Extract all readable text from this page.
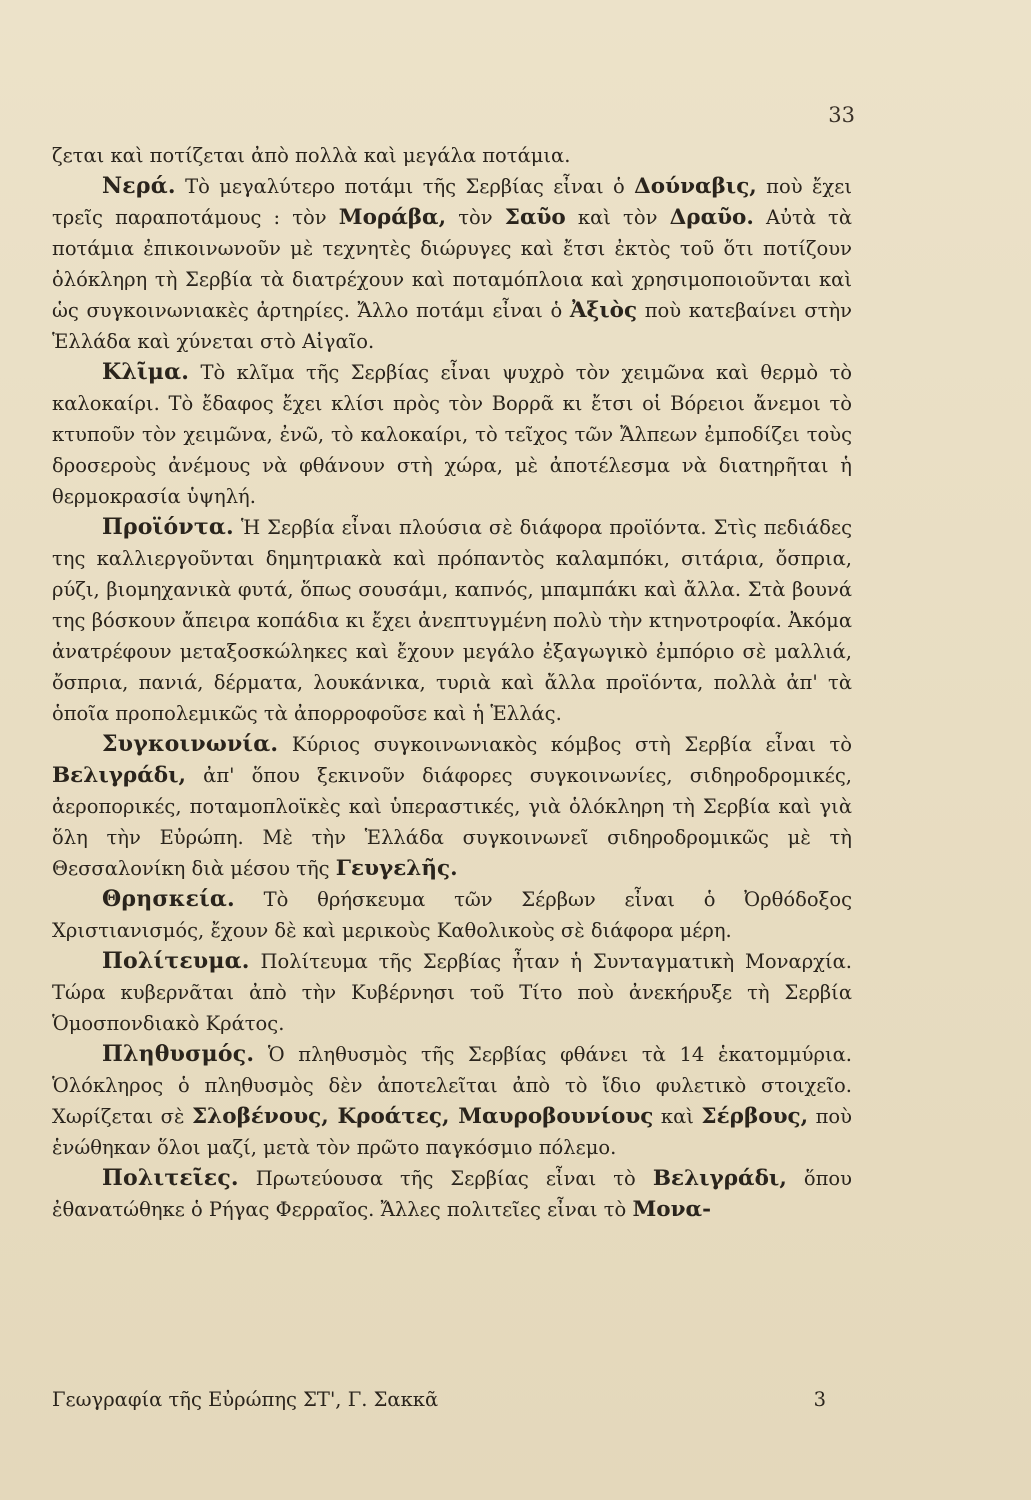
33

ζεται καὶ ποτίζεται ἀπὸ πολλὰ καὶ μεγάλα ποτάμια.

Νερά. Τὸ μεγαλύτερο ποτάμι τῆς Σερβίας εἶναι ὁ Δούναβις, ποὺ ἔχει τρεῖς παραποτάμους : τὸν Μοράβα, τὸν Σαῦο καὶ τὸν Δραῦο. Αὐτὰ τὰ ποτάμια ἐπικοινωνοῦν μὲ τεχνητὲς διώρυγες καὶ ἔτσι ἐκτὸς τοῦ ὅτι ποτίζουν ὁλόκληρη τὴ Σερβία τὰ διατρέχουν καὶ ποταμόπλοια καὶ χρησιμοποιοῦνται καὶ ὡς συγκοινωνιακὲς ἀρτηρίες. Ἄλλο ποτάμι εἶναι ὁ Ἀξιὸς ποὺ κατεβαίνει στὴν Ἑλλάδα καὶ χύνεται στὸ Αἰγαῖο.

Κλῖμα. Τὸ κλῖμα τῆς Σερβίας εἶναι ψυχρὸ τὸν χειμῶνα καὶ θερμὸ τὸ καλοκαίρι. Τὸ ἔδαφος ἔχει κλίσι πρὸς τὸν Βορρᾶ κι ἔτσι οἱ Βόρειοι ἄνεμοι τὸ κτυποῦν τὸν χειμῶνα, ἐνῶ, τὸ καλοκαίρι, τὸ τεῖχος τῶν Ἄλπεων ἐμποδίζει τοὺς δροσεροὺς ἀνέμους νὰ φθάνουν στὴ χώρα, μὲ ἀποτέλεσμα νὰ διατηρῆται ἡ θερμοκρασία ὑψηλή.

Προϊόντα. Ἡ Σερβία εἶναι πλούσια σὲ διάφορα προϊόντα. Στὶς πεδιάδες της καλλιεργοῦνται δημητριακὰ καὶ πρόπαντὸς καλαμπόκι, σιτάρια, ὄσπρια, ρύζι, βιομηχανικὰ φυτά, ὅπως σουσάμι, καπνός, μπαμπάκι καὶ ἄλλα. Στὰ βουνά της βόσκουν ἄπειρα κοπάδια κι ἔχει ἀνεπτυγμένη πολὺ τὴν κτηνοτροφία. Ἀκόμα ἀνατρέφουν μεταξοσκώληκες καὶ ἔχουν μεγάλο ἐξαγωγικὸ ἐμπόριο σὲ μαλλιά, ὄσπρια, πανιά, δέρματα, λουκάνικα, τυριὰ καὶ ἄλλα προϊόντα, πολλὰ ἀπ' τὰ ὁποῖα προπολεμικῶς τὰ ἀπορροφοῦσε καὶ ἡ Ἑλλάς.

Συγκοινωνία. Κύριος συγκοινωνιακὸς κόμβος στὴ Σερβία εἶναι τὸ Βελιγράδι, ἀπ' ὅπου ξεκινοῦν διάφορες συγκοινωνίες, σιδηροδρομικές, ἀεροπορικές, ποταμοπλοϊκὲς καὶ ὑπεραστικές, γιὰ ὁλόκληρη τὴ Σερβία καὶ γιὰ ὅλη τὴν Εὐρώπη. Μὲ τὴν Ἑλλάδα συγκοινωνεῖ σιδηροδρομικῶς μὲ τὴ Θεσσαλονίκη διὰ μέσου τῆς Γευγελῆς.

Θρησκεία. Τὸ θρήσκευμα τῶν Σέρβων εἶναι ὁ Ὀρθόδοξος Χριστιανισμός, ἔχουν δὲ καὶ μερικοὺς Καθολικοὺς σὲ διάφορα μέρη.

Πολίτευμα. Πολίτευμα τῆς Σερβίας ἦταν ἡ Συνταγματικὴ Μοναρχία. Τώρα κυβερνᾶται ἀπὸ τὴν Κυβέρνησι τοῦ Τίτο ποὺ ἀνεκήρυξε τὴ Σερβία Ὁμοσπονδιακὸ Κράτος.

Πληθυσμός. Ὁ πληθυσμὸς τῆς Σερβίας φθάνει τὰ 14 ἑκατομμύρια. Ὁλόκληρος ὁ πληθυσμὸς δὲν ἀποτελεῖται ἀπὸ τὸ ἴδιο φυλετικὸ στοιχεῖο. Χωρίζεται σὲ Σλοβένους, Κροάτες, Μαυροβουνίους καὶ Σέρβους, ποὺ ἑνώθηκαν ὅλοι μαζί, μετὰ τὸν πρῶτο παγκόσμιο πόλεμο.

Πολιτεῖες. Πρωτεύουσα τῆς Σερβίας εἶναι τὸ Βελιγράδι, ὅπου ἐθανατώθηκε ὁ Ρήγας Φερραῖος. Ἄλλες πολιτεῖες εἶναι τὸ Μονα-

Γεωγραφία τῆς Εὐρώπης ΣΤ', Γ. Σακκᾶ	3
